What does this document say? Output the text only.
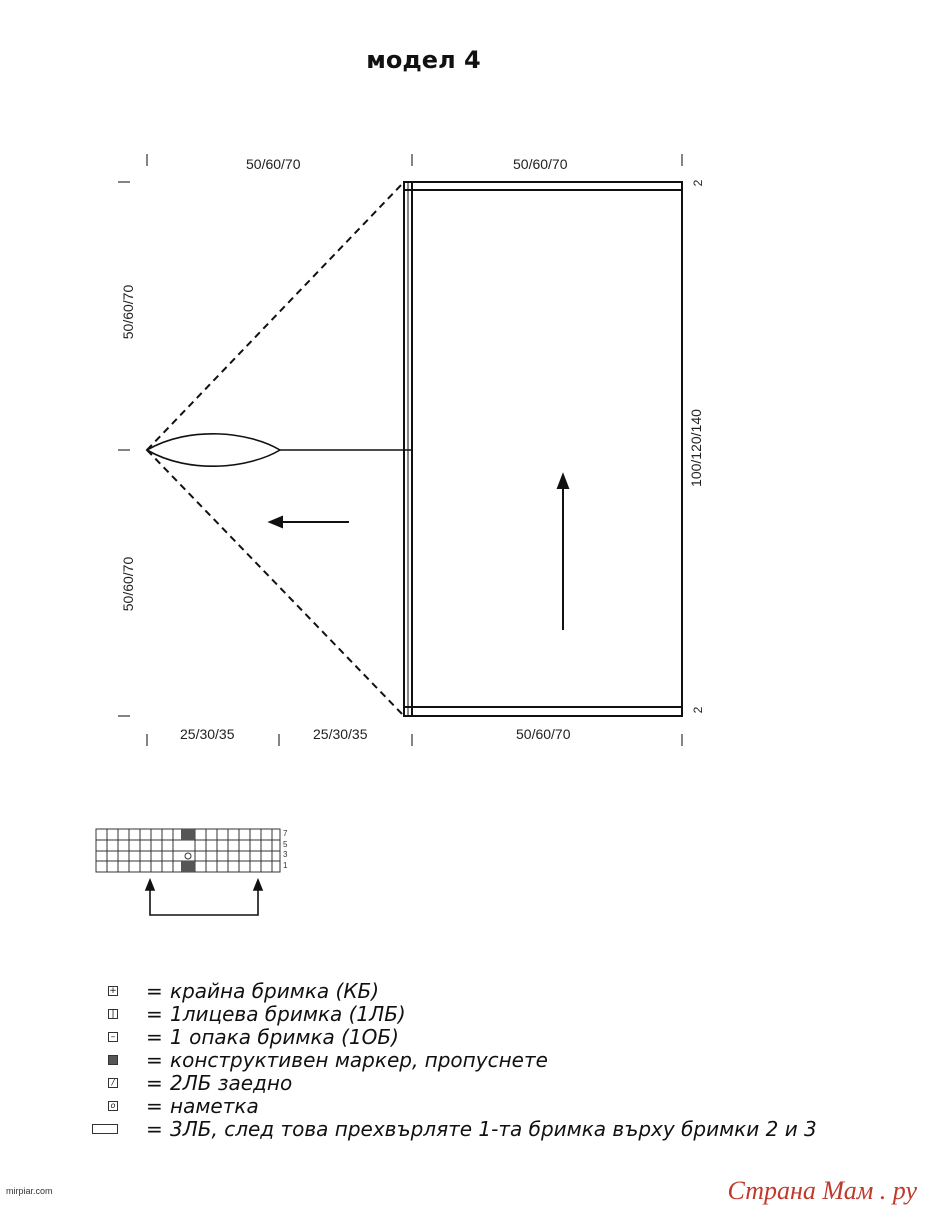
модел 4
50/60/70	50/60/70
50/60/70
50/60/70
100/120/140
2
2
25/30/35	25/30/35	50/60/70
7
5
3
1
+ = крайна бримка (КБ)
| = 1лицева бримка (1ЛБ)
– = 1 опака бримка (1ОБ)
= конструктивен маркер, пропуснете
/ = 2ЛБ заедно
o = наметка
= 3ЛБ, след това прехвърляте 1-та бримка върху бримки 2 и 3
mirpiar.com	Страна Мам . ру
